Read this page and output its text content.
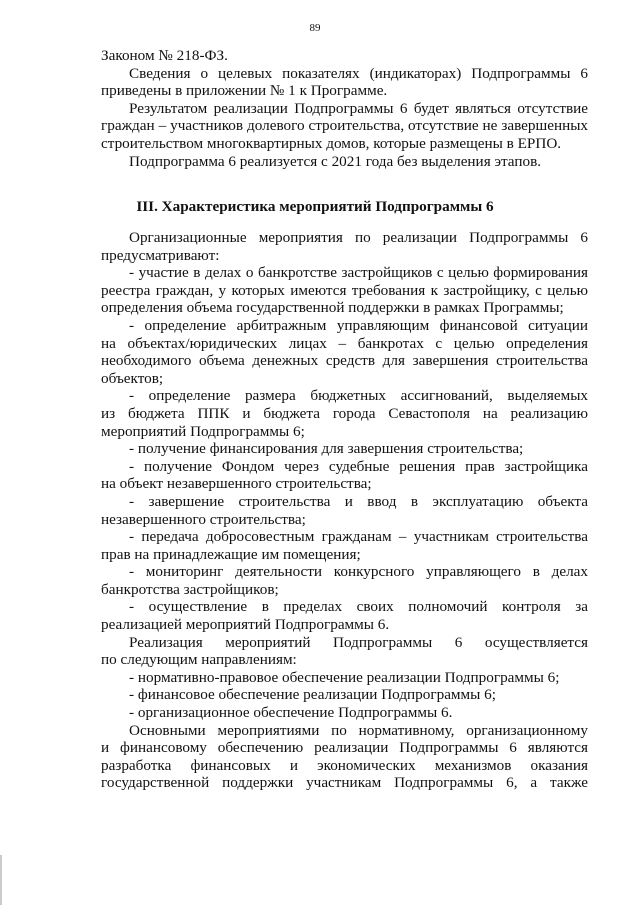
89
Законом № 218-ФЗ.
Сведения о целевых показателях (индикаторах) Подпрограммы 6
приведены в приложении № 1 к Программе.
Результатом реализации Подпрограммы 6 будет являться отсутствие
граждан – участников долевого строительства, отсутствие не завершенных
строительством многоквартирных домов, которые размещены в ЕРПО.
Подпрограмма 6 реализуется с 2021 года без выделения этапов.
III. Характеристика мероприятий Подпрограммы 6
Организационные мероприятия по реализации Подпрограммы 6
предусматривают:
- участие в делах о банкротстве застройщиков с целью формирования
реестра граждан, у которых имеются требования к застройщику, с целью
определения объема государственной поддержки в рамках Программы;
- определение арбитражным управляющим финансовой ситуации
на объектах/юридических лицах – банкротах с целью определения
необходимого объема денежных средств для завершения строительства
объектов;
- определение размера бюджетных ассигнований, выделяемых
из бюджета ППК и бюджета города Севастополя на реализацию
мероприятий Подпрограммы 6;
- получение финансирования для завершения строительства;
- получение Фондом через судебные решения прав застройщика
на объект незавершенного строительства;
- завершение строительства и ввод в эксплуатацию объекта
незавершенного строительства;
- передача добросовестным гражданам – участникам строительства
прав на принадлежащие им помещения;
- мониторинг деятельности конкурсного управляющего в делах
банкротства застройщиков;
- осуществление в пределах своих полномочий контроля за
реализацией мероприятий Подпрограммы 6.
Реализация мероприятий Подпрограммы 6 осуществляется
по следующим направлениям:
- нормативно-правовое обеспечение реализации Подпрограммы 6;
- финансовое обеспечение реализации Подпрограммы 6;
- организационное обеспечение Подпрограммы 6.
Основными мероприятиями по нормативному, организационному
и финансовому обеспечению реализации Подпрограммы 6 являются
разработка финансовых и экономических механизмов оказания
государственной поддержки участникам Подпрограммы 6, а также
